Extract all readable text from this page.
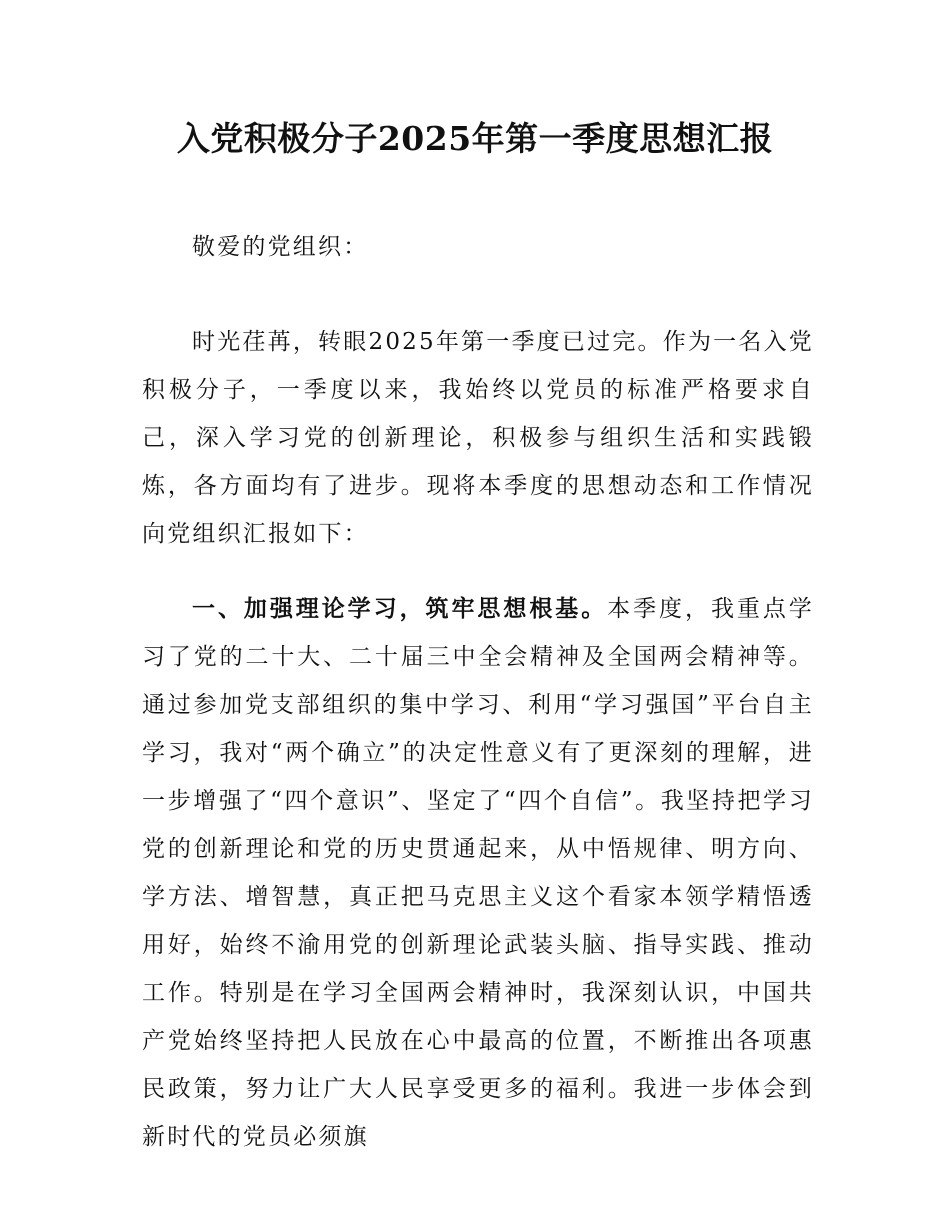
入党积极分子2025年第一季度思想汇报

敬爱的党组织：

时光荏苒，转眼2025年第一季度已过完。作为一名入党积极分子，一季度以来，我始终以党员的标准严格要求自己，深入学习党的创新理论，积极参与组织生活和实践锻炼，各方面均有了进步。现将本季度的思想动态和工作情况向党组织汇报如下：

一、加强理论学习，筑牢思想根基。本季度，我重点学习了党的二十大、二十届三中全会精神及全国两会精神等。通过参加党支部组织的集中学习、利用“学习强国”平台自主学习，我对“两个确立”的决定性意义有了更深刻的理解，进一步增强了“四个意识”、坚定了“四个自信”。我坚持把学习党的创新理论和党的历史贯通起来，从中悟规律、明方向、学方法、增智慧，真正把马克思主义这个看家本领学精悟透用好，始终不渝用党的创新理论武装头脑、指导实践、推动工作。特别是在学习全国两会精神时，我深刻认识，中国共产党始终坚持把人民放在心中最高的位置，不断推出各项惠民政策，努力让广大人民享受更多的福利。我进一步体会到新时代的党员必须旗
